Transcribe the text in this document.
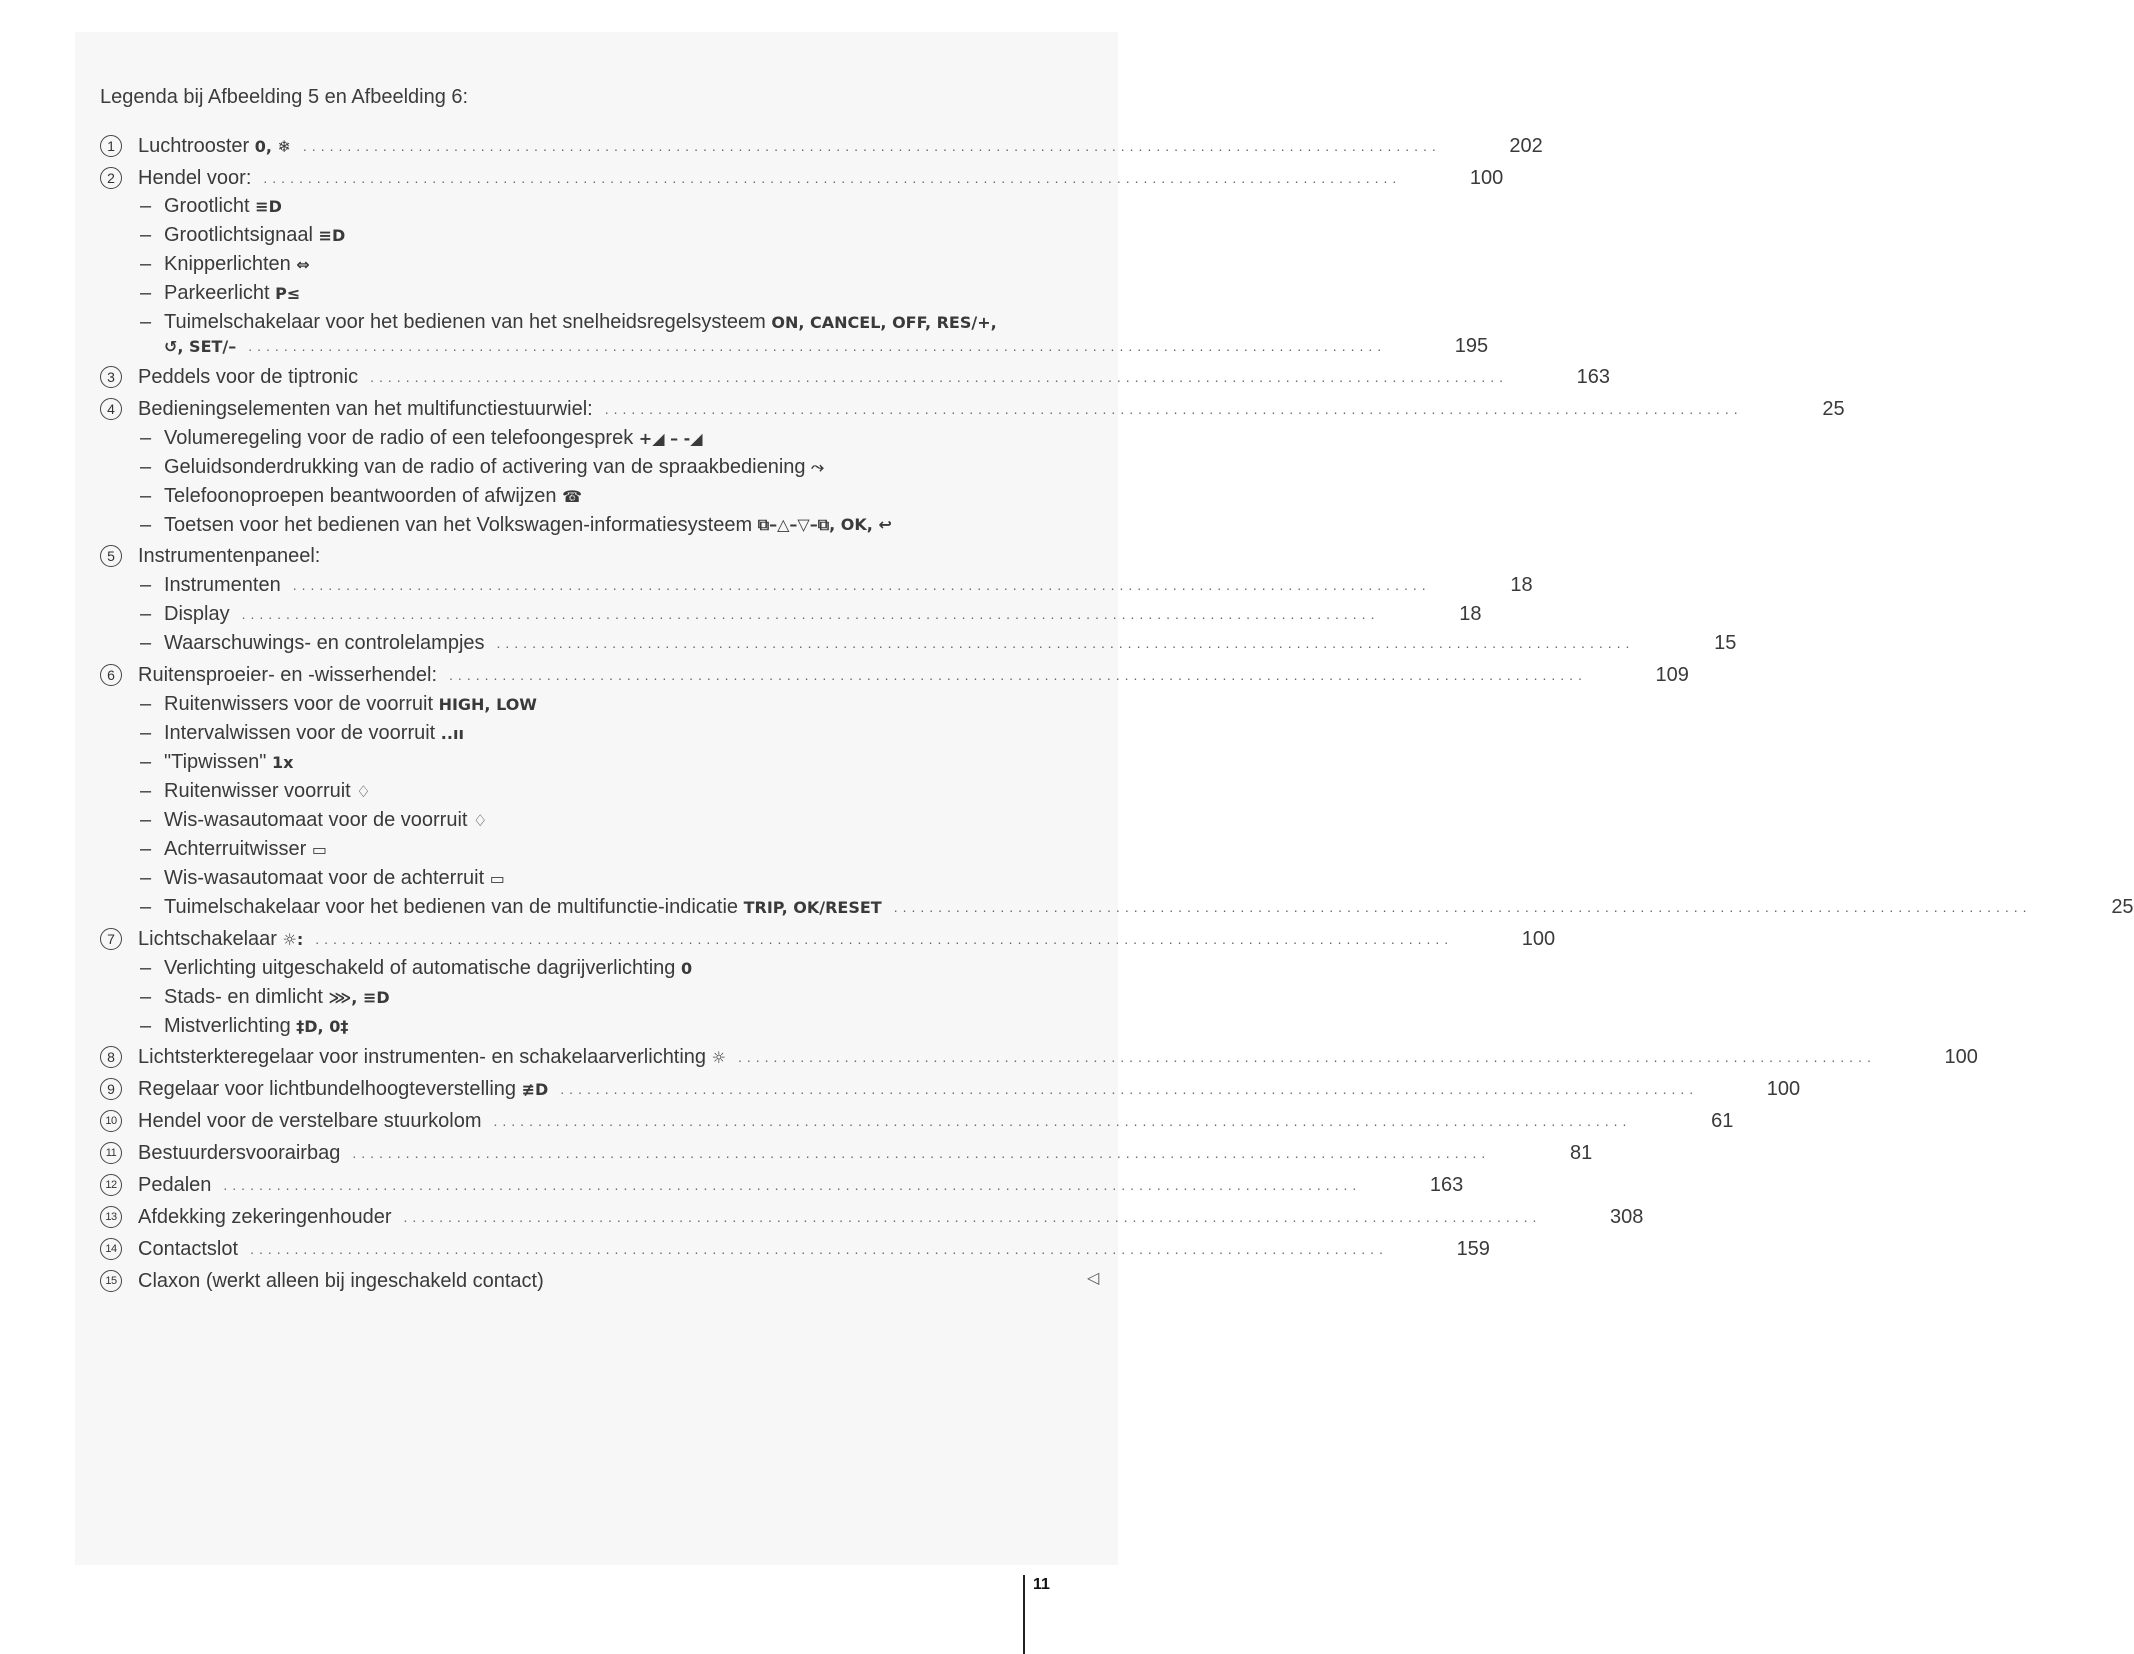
Legenda bij Afbeelding 5 en Afbeelding 6:
1	Luchtrooster
0, ❄ ................................................................................................................................	202
2	Hendel voor: ................................................................................................................................	100
– Grootlicht
≡D
– Grootlichtsignaal
≡D
– Knipperlichten
⇔
– Parkeerlicht
P≤
– Tuimelschakelaar voor het bedienen van het snelheidsregelsysteem
ON, CANCEL, OFF, RES/+,
↺, SET/– ................................................................................................................................	195
3	Peddels voor de tiptronic ................................................................................................................................	163
4	Bedieningselementen van het multifunctiestuurwiel: ................................................................................................................................	25
– Volumeregeling voor de radio of een telefoongesprek
+◢ – -◢
– Geluidsonderdrukking van de radio of activering van de spraakbediening
⤳
– Telefoonoproepen beantwoorden of afwijzen
☎
– Toetsen voor het bedienen van het Volkswagen-informatiesysteem
⧉–△–▽–⧉, OK, ↩
5	Instrumentenpaneel:
– Instrumenten ................................................................................................................................	18
– Display ................................................................................................................................	18
– Waarschuwings- en controlelampjes ................................................................................................................................	15
6	Ruitensproeier- en -wisserhendel: ................................................................................................................................	109
– Ruitenwissers voor de voorruit
HIGH, LOW
– Intervalwissen voor de voorruit
..ıı
– "Tipwissen"
1x
– Ruitenwisser voorruit
♢
– Wis-wasautomaat voor de voorruit
♢
– Achterruitwisser
▭
– Wis-wasautomaat voor de achterruit
▭
– Tuimelschakelaar voor het bedienen van de multifunctie-indicatie
TRIP, OK/RESET ................................................................................................................................	25
7	Lichtschakelaar
☼: ................................................................................................................................	100
– Verlichting uitgeschakeld of automatische dagrijverlichting
0
– Stads- en dimlicht
⋙, ≡D
– Mistverlichting
‡D, 0‡
8	Lichtsterkteregelaar voor instrumenten- en schakelaarverlichting
☼ ................................................................................................................................	100
9	Regelaar voor lichtbundelhoogteverstelling
≢D ................................................................................................................................	100
10 Hendel voor de verstelbare stuurkolom ................................................................................................................................	61
11 Bestuurdersvoorairbag ................................................................................................................................	81
12 Pedalen ................................................................................................................................	163
13 Afdekking zekeringenhouder ................................................................................................................................	308
14 Contactslot ................................................................................................................................	159
15 Claxon (werkt alleen bij ingeschakeld contact)	◁
11
